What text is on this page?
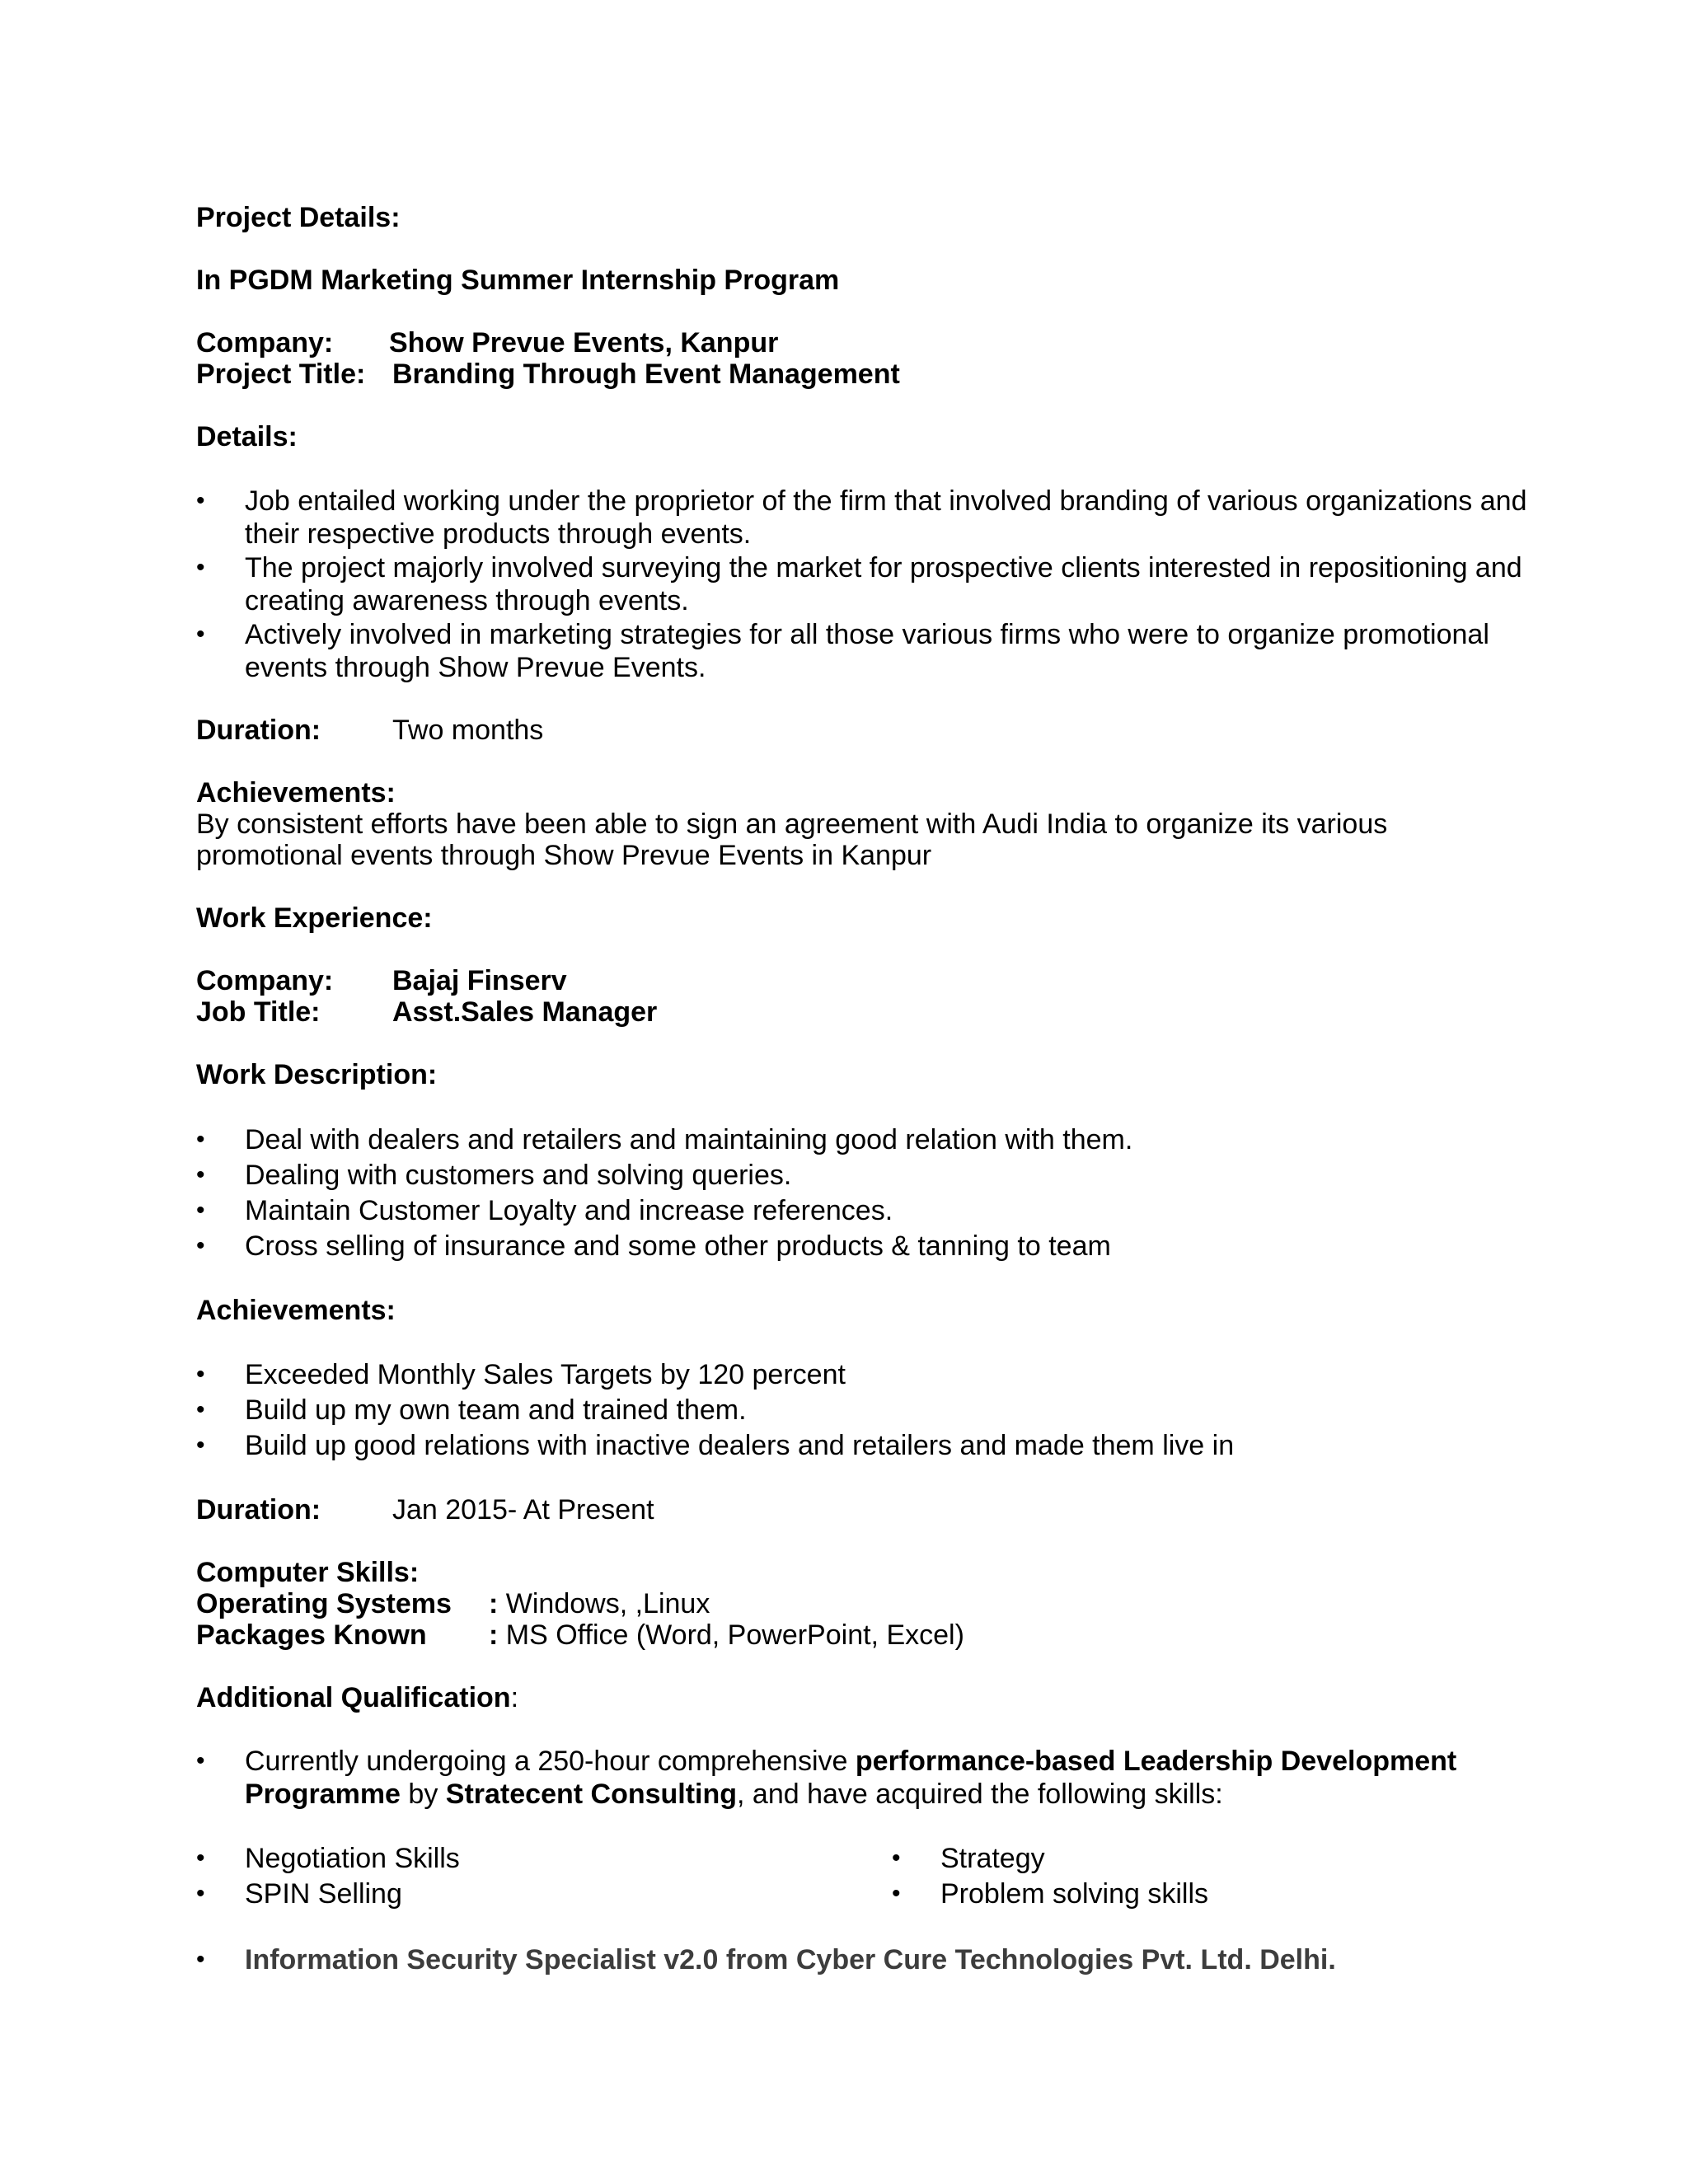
Project Details:
In PGDM Marketing Summer Internship Program
Company: Show Prevue Events, Kanpur
Project Title: Branding Through Event Management
Details:
• Job entailed working under the proprietor of the firm that involved branding of various organizations and
their respective products through events.
• The project majorly involved surveying the market for prospective clients interested in repositioning and
creating awareness through events.
• Actively involved in marketing strategies for all those various firms who were to organize promotional
events through Show Prevue Events.
Duration:	Two months
Achievements:
By consistent efforts have been able to sign an agreement with Audi India to organize its various
promotional events through Show Prevue Events in Kanpur
Work Experience:
Company: Bajaj Finserv
Job Title:	Asst.Sales Manager
Work Description:
• Deal with dealers and retailers and maintaining good relation with them.
• Dealing with customers and solving queries.
• Maintain Customer Loyalty and increase references.
• Cross selling of insurance and some other products & tanning to team
Achievements:
• Exceeded Monthly Sales Targets by 120 percent
• Build up my own team and trained them.
• Build up good relations with inactive dealers and retailers and made them live in
Duration:	Jan 2015- At Present
Computer Skills:
Operating Systems : Windows, ,Linux
Packages Known : MS Office (Word, PowerPoint, Excel)
Additional Qualification:
• Currently undergoing a 250-hour comprehensive performance-based Leadership Development
Programme by Stratecent Consulting, and have acquired the following skills:
• Negotiation Skills
• SPIN Selling
• Strategy
• Problem solving skills
• Information Security Specialist v2.0 from Cyber Cure Technologies Pvt. Ltd. Delhi.
